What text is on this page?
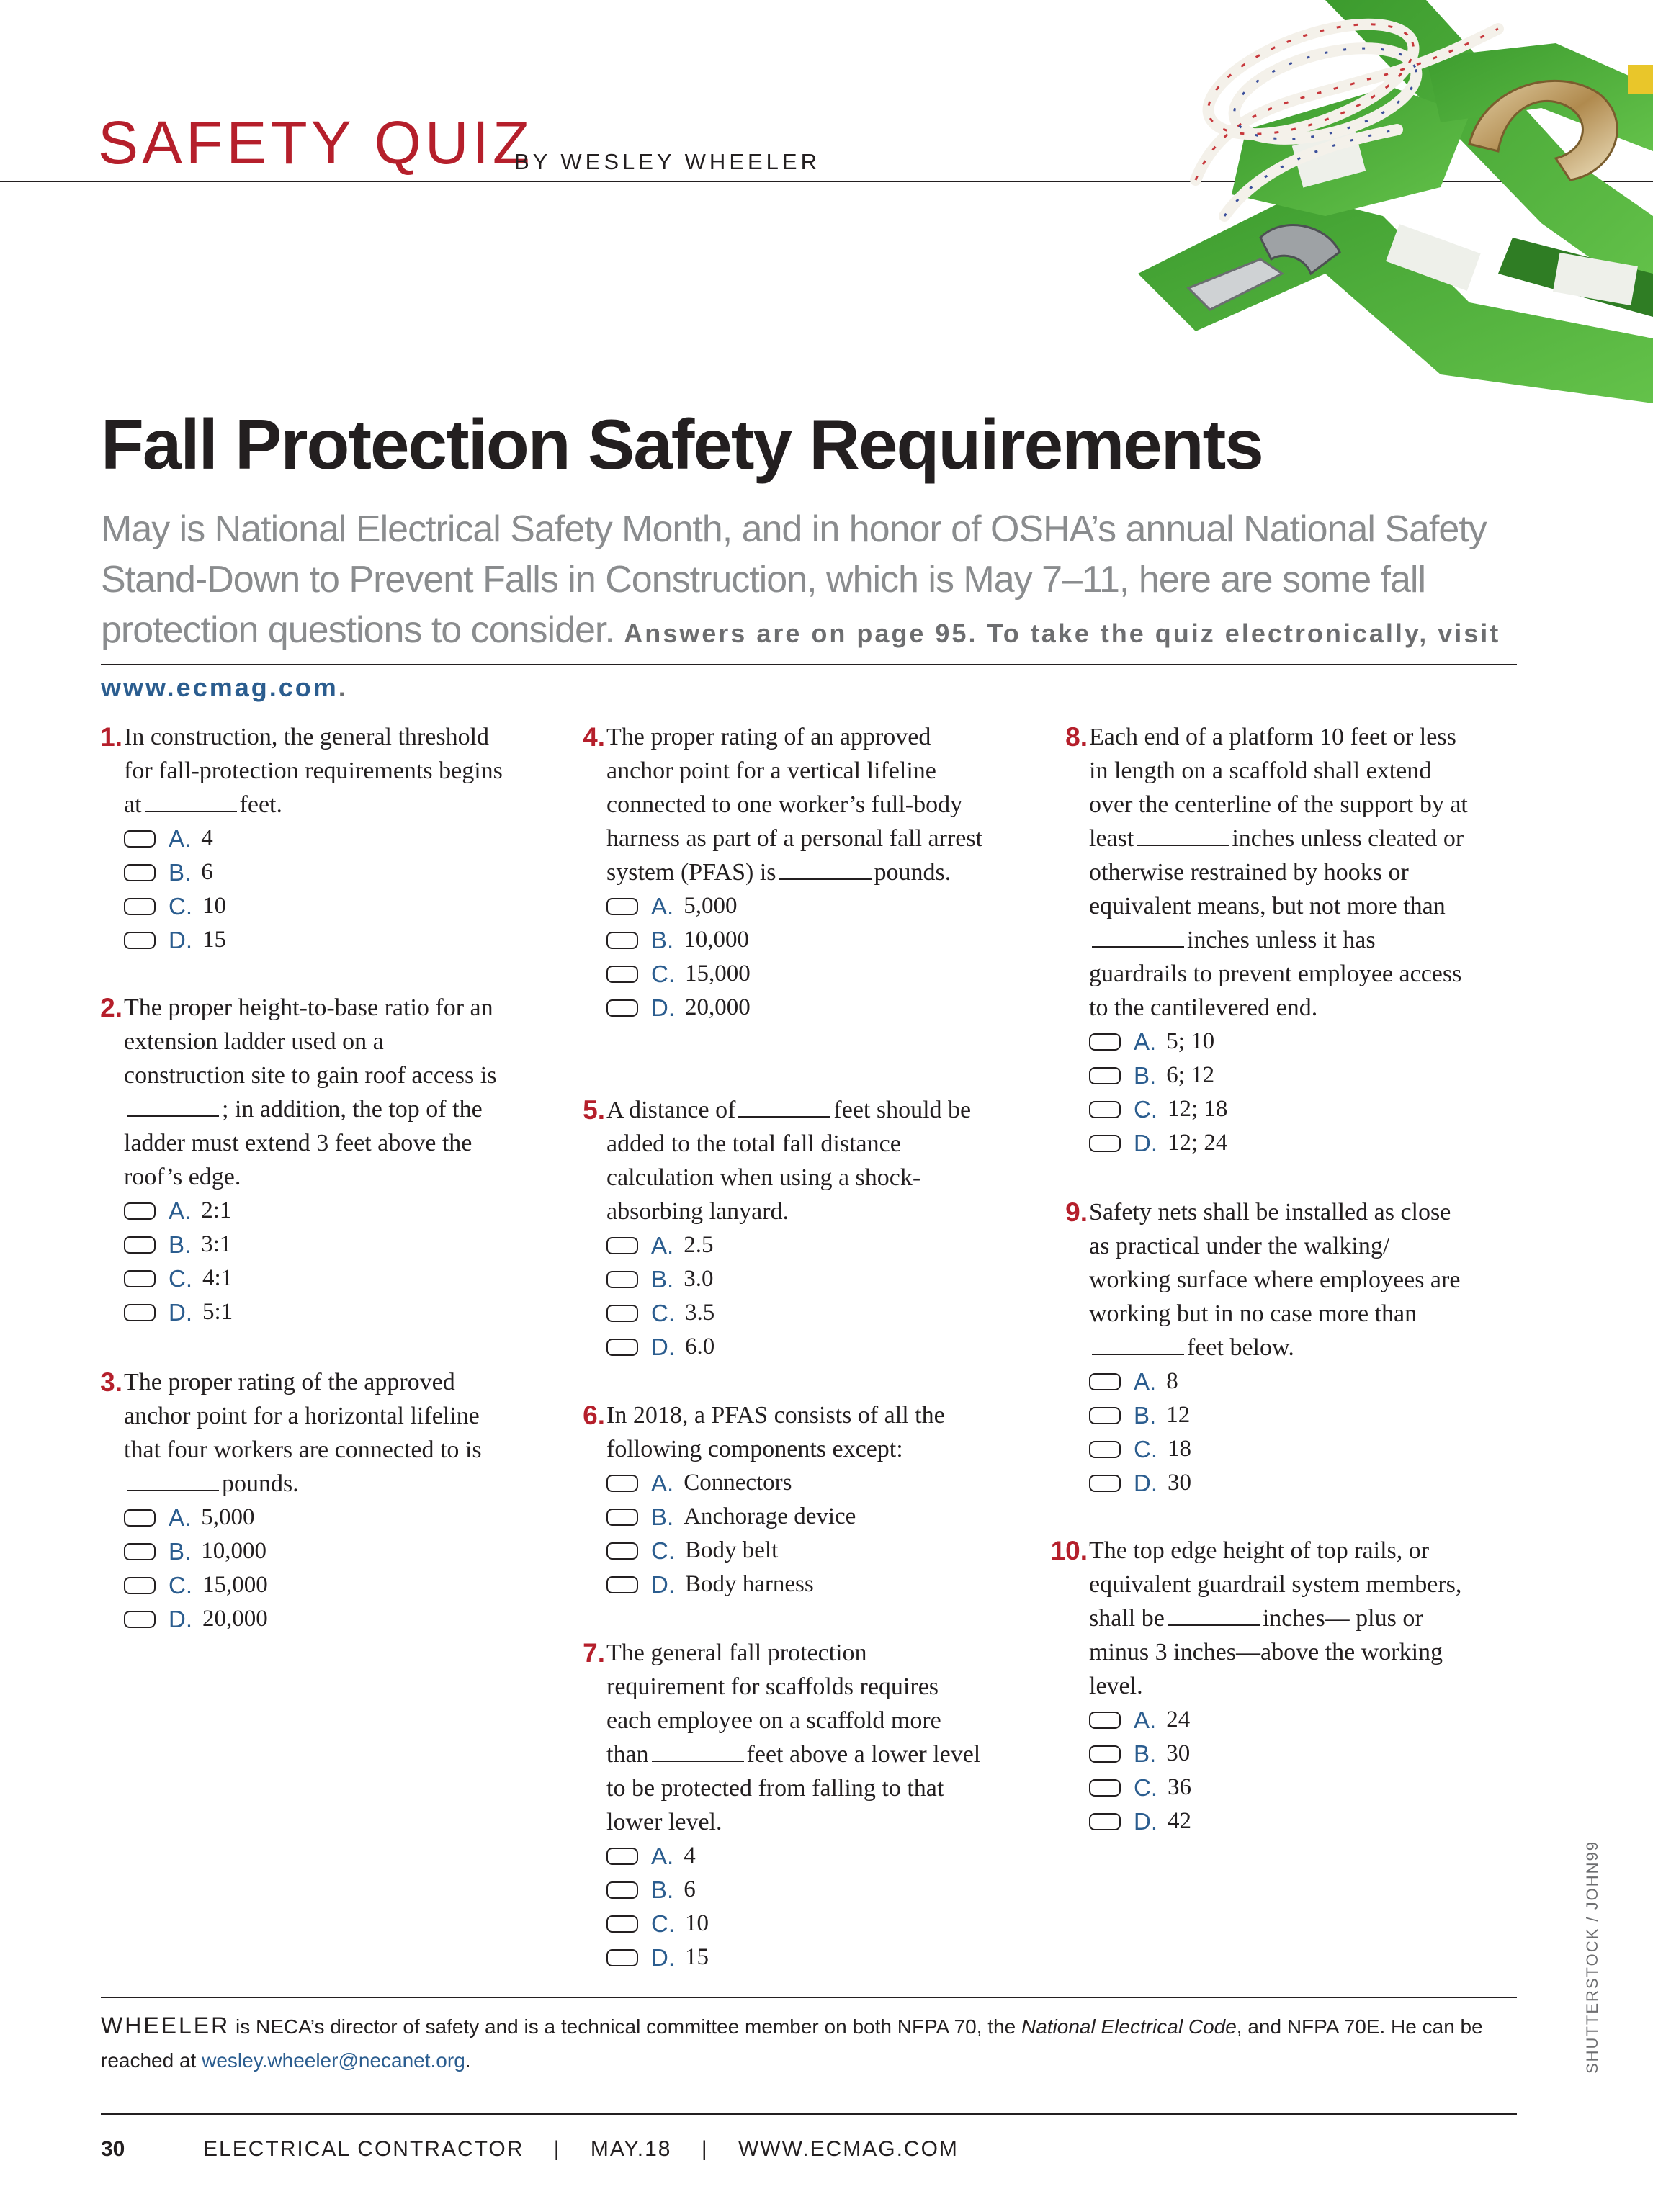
SAFETY QUIZ
BY WESLEY WHEELER
Fall Protection Safety Requirements
May is National Electrical Safety Month, and in honor of OSHA’s annual National Safety Stand-Down to Prevent Falls in Construction, which is May 7–11, here are some fall protection questions to consider. Answers are on page 95. To take the quiz electronically, visit www.ecmag.com.
1. In construction, the general threshold for fall-protection requirements begins at	feet.
A. 4
B. 6
C. 10
D. 15
2. The proper height-to-base ratio for an extension ladder used on a construction site to gain roof access is; in addition, the top of the ladder must extend 3 feet above the roof’s edge.
A. 2:1
B. 3:1
C. 4:1
D. 5:1
3. The proper rating of the approved anchor point for a horizontal lifeline that four workers are connected to ispounds.
A. 5,000
B. 10,000
C. 15,000
D. 20,000
4. The proper rating of an approved anchor point for a vertical lifeline connected to one worker’s full-body harness as part of a personal fall arrest system (PFAS) is	pounds.
A. 5,000
B. 10,000
C. 15,000
D. 20,000
5. A distance of	feet should be added to the total fall distance calculation when using a shock-absorbing lanyard.
A. 2.5
B. 3.0
C. 3.5
D. 6.0
6. In 2018, a PFAS consists of all the following components except:
A. Connectors
B. Anchorage device
C. Body belt
D. Body harness
7. The general fall protection requirement for scaffolds requires each employee on a scaffold more than	feet above a lower level to be protected from falling to that lower level.
A. 4
B. 6
C. 10
D. 15
8. Each end of a platform 10 feet or less in length on a scaffold shall extend over the centerline of the support by at least	inches unless cleated or otherwise restrained by hooks or equivalent means, but not more thaninches unless it has guardrails to prevent employee access to the cantilevered end.
A. 5; 10
B. 6; 12
C. 12; 18
D. 12; 24
9. Safety nets shall be installed as close as practical under the walking/ working surface where employees are working but in no case more thanfeet below.
A. 8
B. 12
C. 18
D. 30
10. The top edge height of top rails, or equivalent guardrail system members, shall be	inches— plus or minus 3 inches—above the working level.
A. 24
B. 30
C. 36
D. 42
WHEELER is NECA’s director of safety and is a technical committee member on both NFPA 70, the National Electrical Code, and NFPA 70E. He can be reached at wesley.wheeler@necanet.org.	SHUTTERSTOCK / JOHN99
30	ELECTRICAL CONTRACTOR    |    MAY.18    |    WWW.ECMAG.COM
